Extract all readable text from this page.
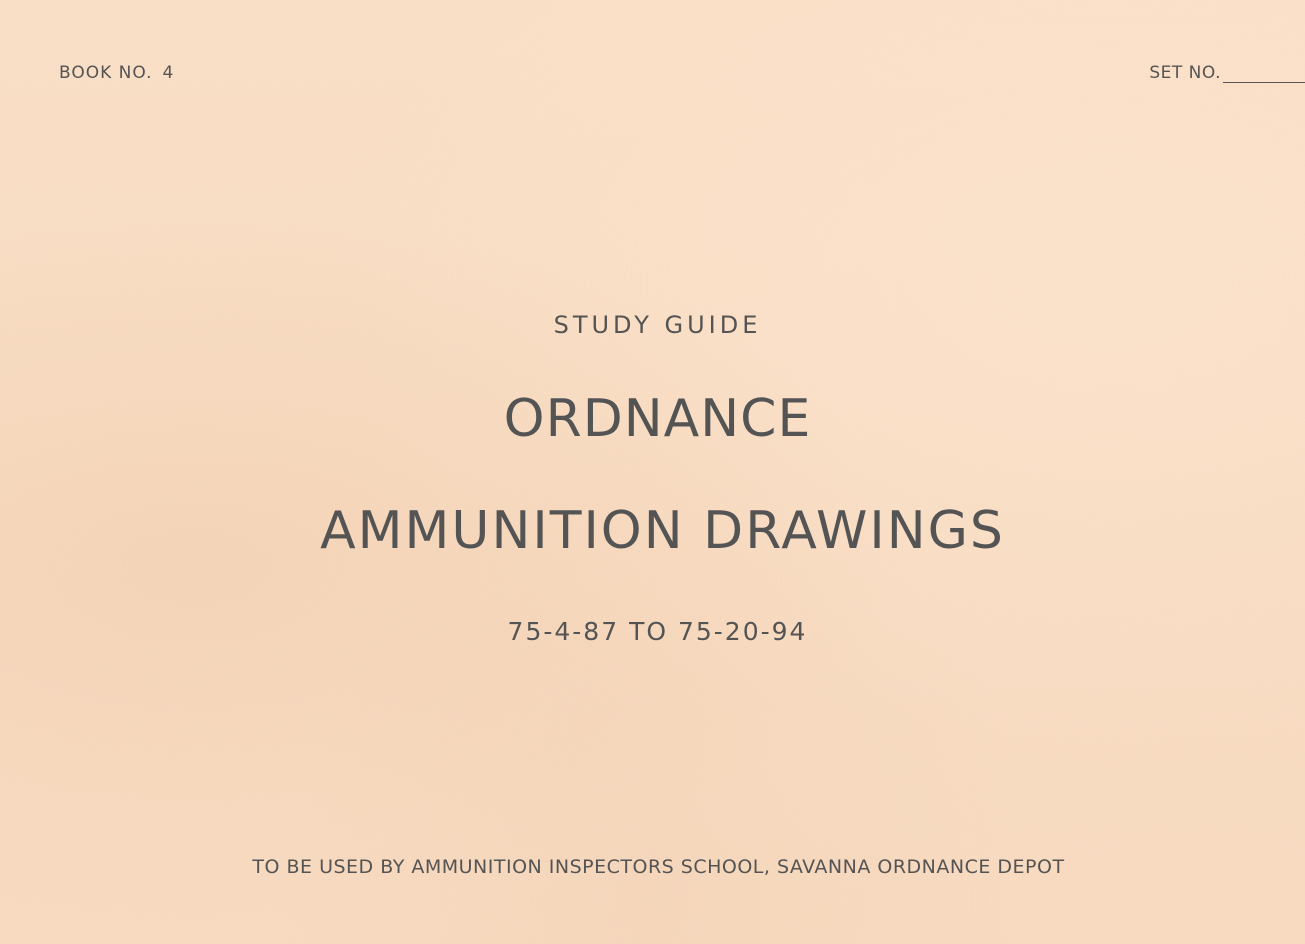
BOOK NO. 4	SET NO.
STUDY GUIDE
ORDNANCE
AMMUNITION DRAWINGS
75-4-87 TO 75-20-94
TO BE USED BY AMMUNITION INSPECTORS SCHOOL, SAVANNA ORDNANCE DEPOT
